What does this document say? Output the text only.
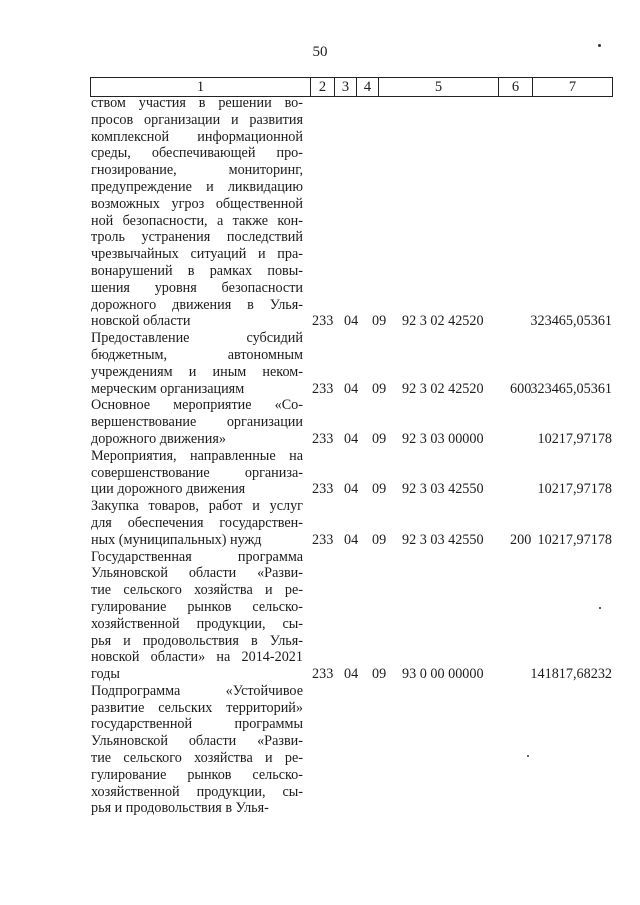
50
1	2	3	4	5	6	7
ством участия в решении во-
просов организации и развития
комплексной информационной
среды, обеспечивающей про-
гнозирование, мониторинг,
предупреждение и ликвидацию
возможных угроз общественной
ной безопасности, а также кон-
троль устранения последствий
чрезвычайных ситуаций и пра-
вонарушений в рамках повы-
шения уровня безопасности
дорожного движения в Улья-
новской области	233 04 09 92 3 02 42520	323465,05361
Предоставление субсидий
бюджетным, автономным
учреждениям и иным неком-
мерческим организациям	233 04 09 92 3 02 42520 600 323465,05361
Основное мероприятие «Со-
вершенствование организации
дорожного движения»	233 04 09 92 3 03 00000	10217,97178
Мероприятия, направленные на
совершенствование организа-
ции дорожного движения	233 04 09 92 3 03 42550	10217,97178
Закупка товаров, работ и услуг
для обеспечения государствен-
ных (муниципальных) нужд	233 04 09 92 3 03 42550 200 10217,97178
Государственная программа
Ульяновской области «Разви-
тие сельского хозяйства и ре-
гулирование рынков сельско-
хозяйственной продукции, сы-
рья и продовольствия в Улья-
новской области» на 2014-2021
годы	233 04 09 93 0 00 00000	141817,68232
Подпрограмма «Устойчивое
развитие сельских территорий»
государственной программы
Ульяновской области «Разви-
тие сельского хозяйства и ре-
гулирование рынков сельско-
хозяйственной продукции, сы-
рья и продовольствия в Улья-
